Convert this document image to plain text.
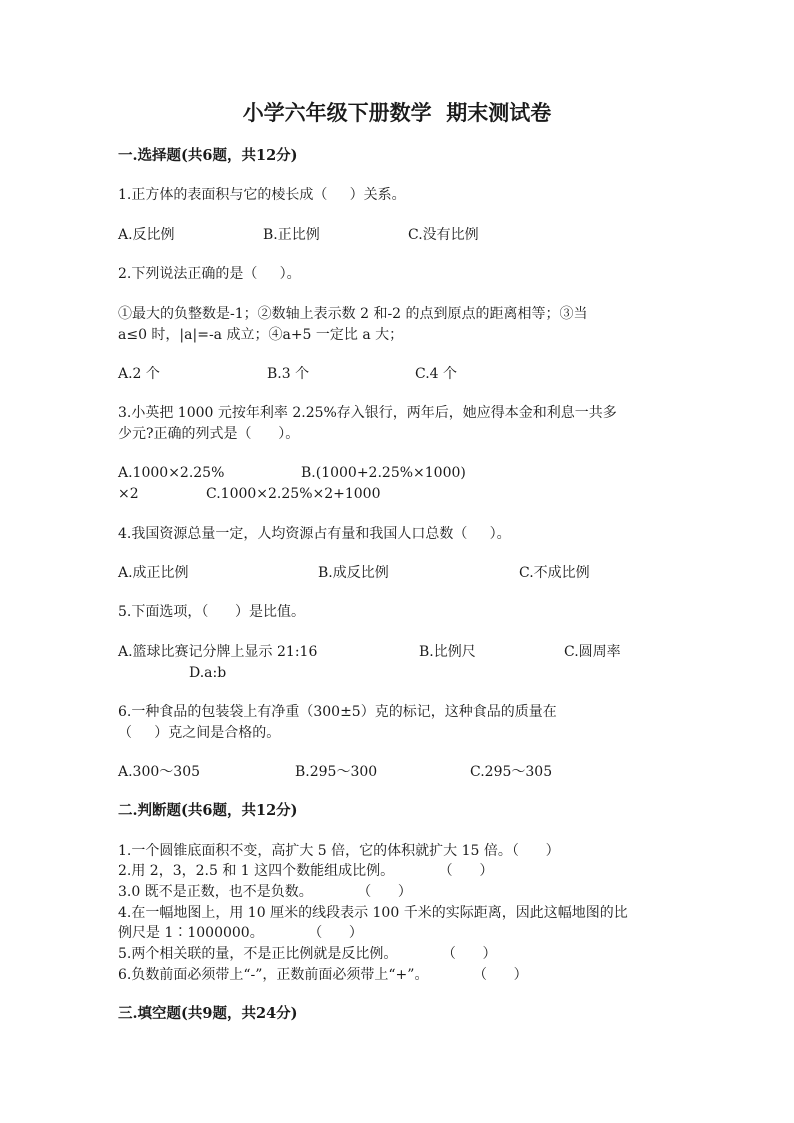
小学六年级下册数学  期末测试卷
一.选择题(共6题，共12分)
1.正方体的表面积与它的棱长成（     ）关系。
A.反比例	B.正比例	C.没有比例
2.下列说法正确的是（     ）。
①最大的负整数是-1；②数轴上表示数 2 和-2 的点到原点的距离相等；③当
a≤0 时，|a|=-a 成立；④a+5 一定比 a 大；
A.2 个	B.3 个	C.4 个
3.小英把 1000 元按年利率 2.25%存入银行，两年后，她应得本金和利息一共多
少元?正确的列式是（      ）。
A.1000×2.25%	B.(1000+2.25%×1000)
×2	C.1000×2.25%×2+1000
4.我国资源总量一定，人均资源占有量和我国人口总数（     ）。
A.成正比例	B.成反比例	C.不成比例
5.下面选项，（      ）是比值。
A.篮球比赛记分牌上显示 21:16	B.比例尺	C.圆周率
D.a:b
6.一种食品的包装袋上有净重（300±5）克的标记，这种食品的质量在
（     ）克之间是合格的。
A.300～305	B.295～300	C.295～305
二.判断题(共6题，共12分)
1.一个圆锥底面积不变，高扩大 5 倍，它的体积就扩大 15 倍。（      ）
2.用 2，3，2.5 和 1 这四个数能组成比例。          （      ）
3.0 既不是正数，也不是负数。          （      ）
4.在一幅地图上，用 10 厘米的线段表示 100 千米的实际距离，因此这幅地图的比
例尺是 1∶1000000。          （      ）
5.两个相关联的量，不是正比例就是反比例。          （      ）
6.负数前面必须带上“-”，正数前面必须带上“+”。          （      ）
三.填空题(共9题，共24分)
